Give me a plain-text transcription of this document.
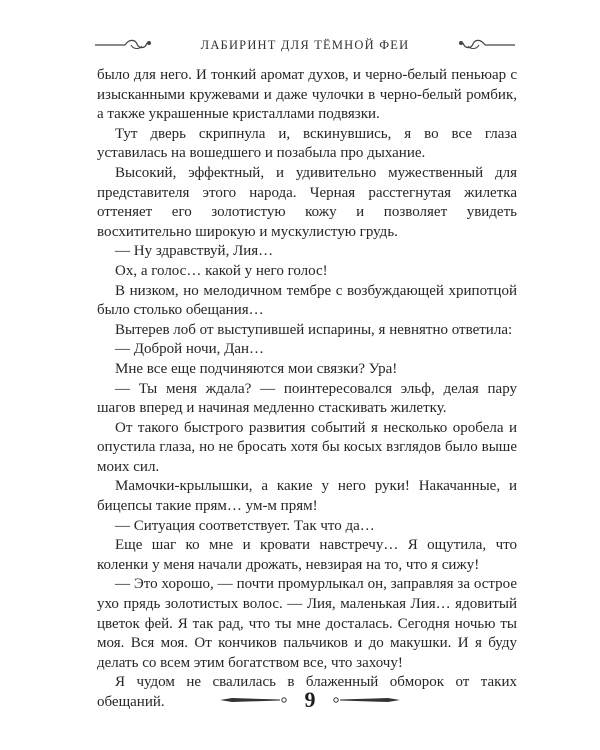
ЛАБИРИНТ ДЛЯ ТЁМНОЙ ФЕИ

было для него. И тонкий аромат духов, и черно-белый пеньюар с изысканными кружевами и даже чулочки в черно-белый ромбик, а также украшенные кристаллами подвязки.

Тут дверь скрипнула и, вскинувшись, я во все глаза уставилась на вошедшего и позабыла про дыхание.

Высокий, эффектный, и удивительно мужественный для представителя этого народа. Черная расстегнутая жилетка оттеняет его золотистую кожу и позволяет увидеть восхитительно широкую и мускулистую грудь.

— Ну здравствуй, Лия…

Ох, а голос… какой у него голос!

В низком, но мелодичном тембре с возбуждающей хрипотцой было столько обещания…

Вытерев лоб от выступившей испарины, я невнятно ответила:

— Доброй ночи, Дан…

Мне все еще подчиняются мои связки? Ура!

— Ты меня ждала? — поинтересовался эльф, делая пару шагов вперед и начиная медленно стаскивать жилетку.

От такого быстрого развития событий я несколько оробела и опустила глаза, но не бросать хотя бы косых взглядов было выше моих сил.

Мамочки-крылышки, а какие у него руки! Накачанные, и бицепсы такие прям… ум-м прям!

— Ситуация соответствует. Так что да…

Еще шаг ко мне и кровати навстречу… Я ощутила, что коленки у меня начали дрожать, невзирая на то, что я сижу!

— Это хорошо, — почти промурлыкал он, заправляя за острое ухо прядь золотистых волос. — Лия, маленькая Лия… ядовитый цветок фей. Я так рад, что ты мне досталась. Сегодня ночью ты моя. Вся моя. От кончиков пальчиков и до макушки. И я буду делать со всем этим богатством все, что захочу!

Я чудом не свалилась в блаженный обморок от таких обещаний.	9
